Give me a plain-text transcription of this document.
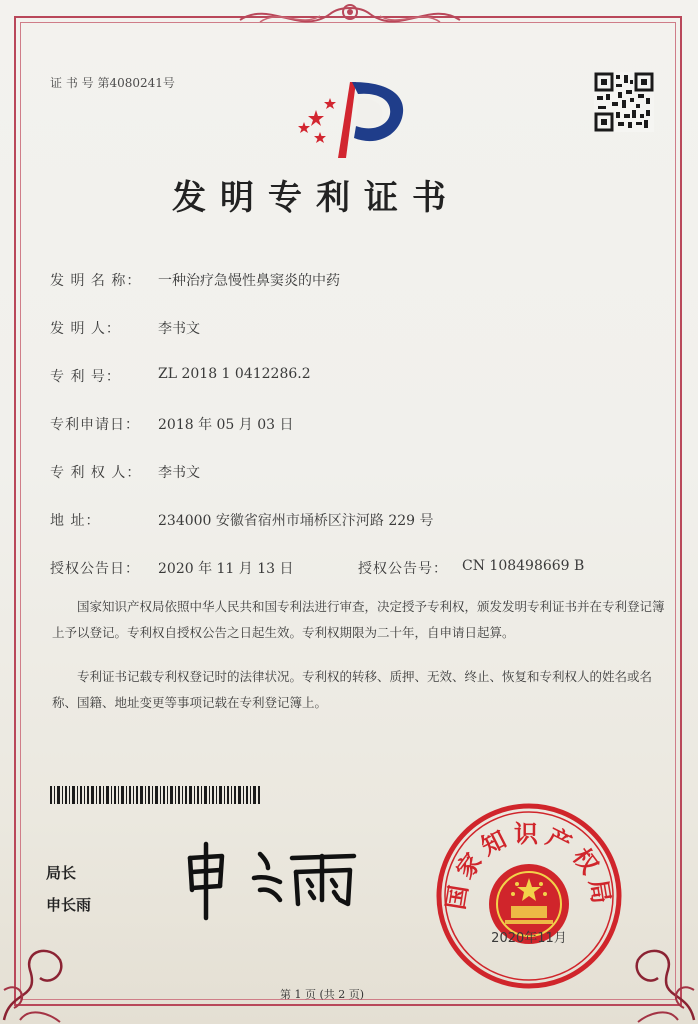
证 书 号 第4080241号
发明专利证书
发 明 名 称： 一种治疗急慢性鼻窦炎的中药
发 明 人：	李书文
专 利 号：	ZL 2018 1 0412286.2
专利申请日： 2018 年 05 月 03 日
专 利 权 人： 李书文
地 址：	234000 安徽省宿州市埇桥区汴河路 229 号
授权公告日： 2020 年 11 月 13 日	授权公告号： CN 108498669 B
国家知识产权局依照中华人民共和国专利法进行审查，决定授予专利权，颁发发明专利证书并在专利登记簿上予以登记。专利权自授权公告之日起生效。专利权期限为二十年，自申请日起算。
专利证书记载专利权登记时的法律状况。专利权的转移、质押、无效、终止、恢复和专利权人的姓名或名称、国籍、地址变更等事项记载在专利登记簿上。
局长
申长雨	国家知识产权局
2020年11月
第 1 页 (共 2 页)
